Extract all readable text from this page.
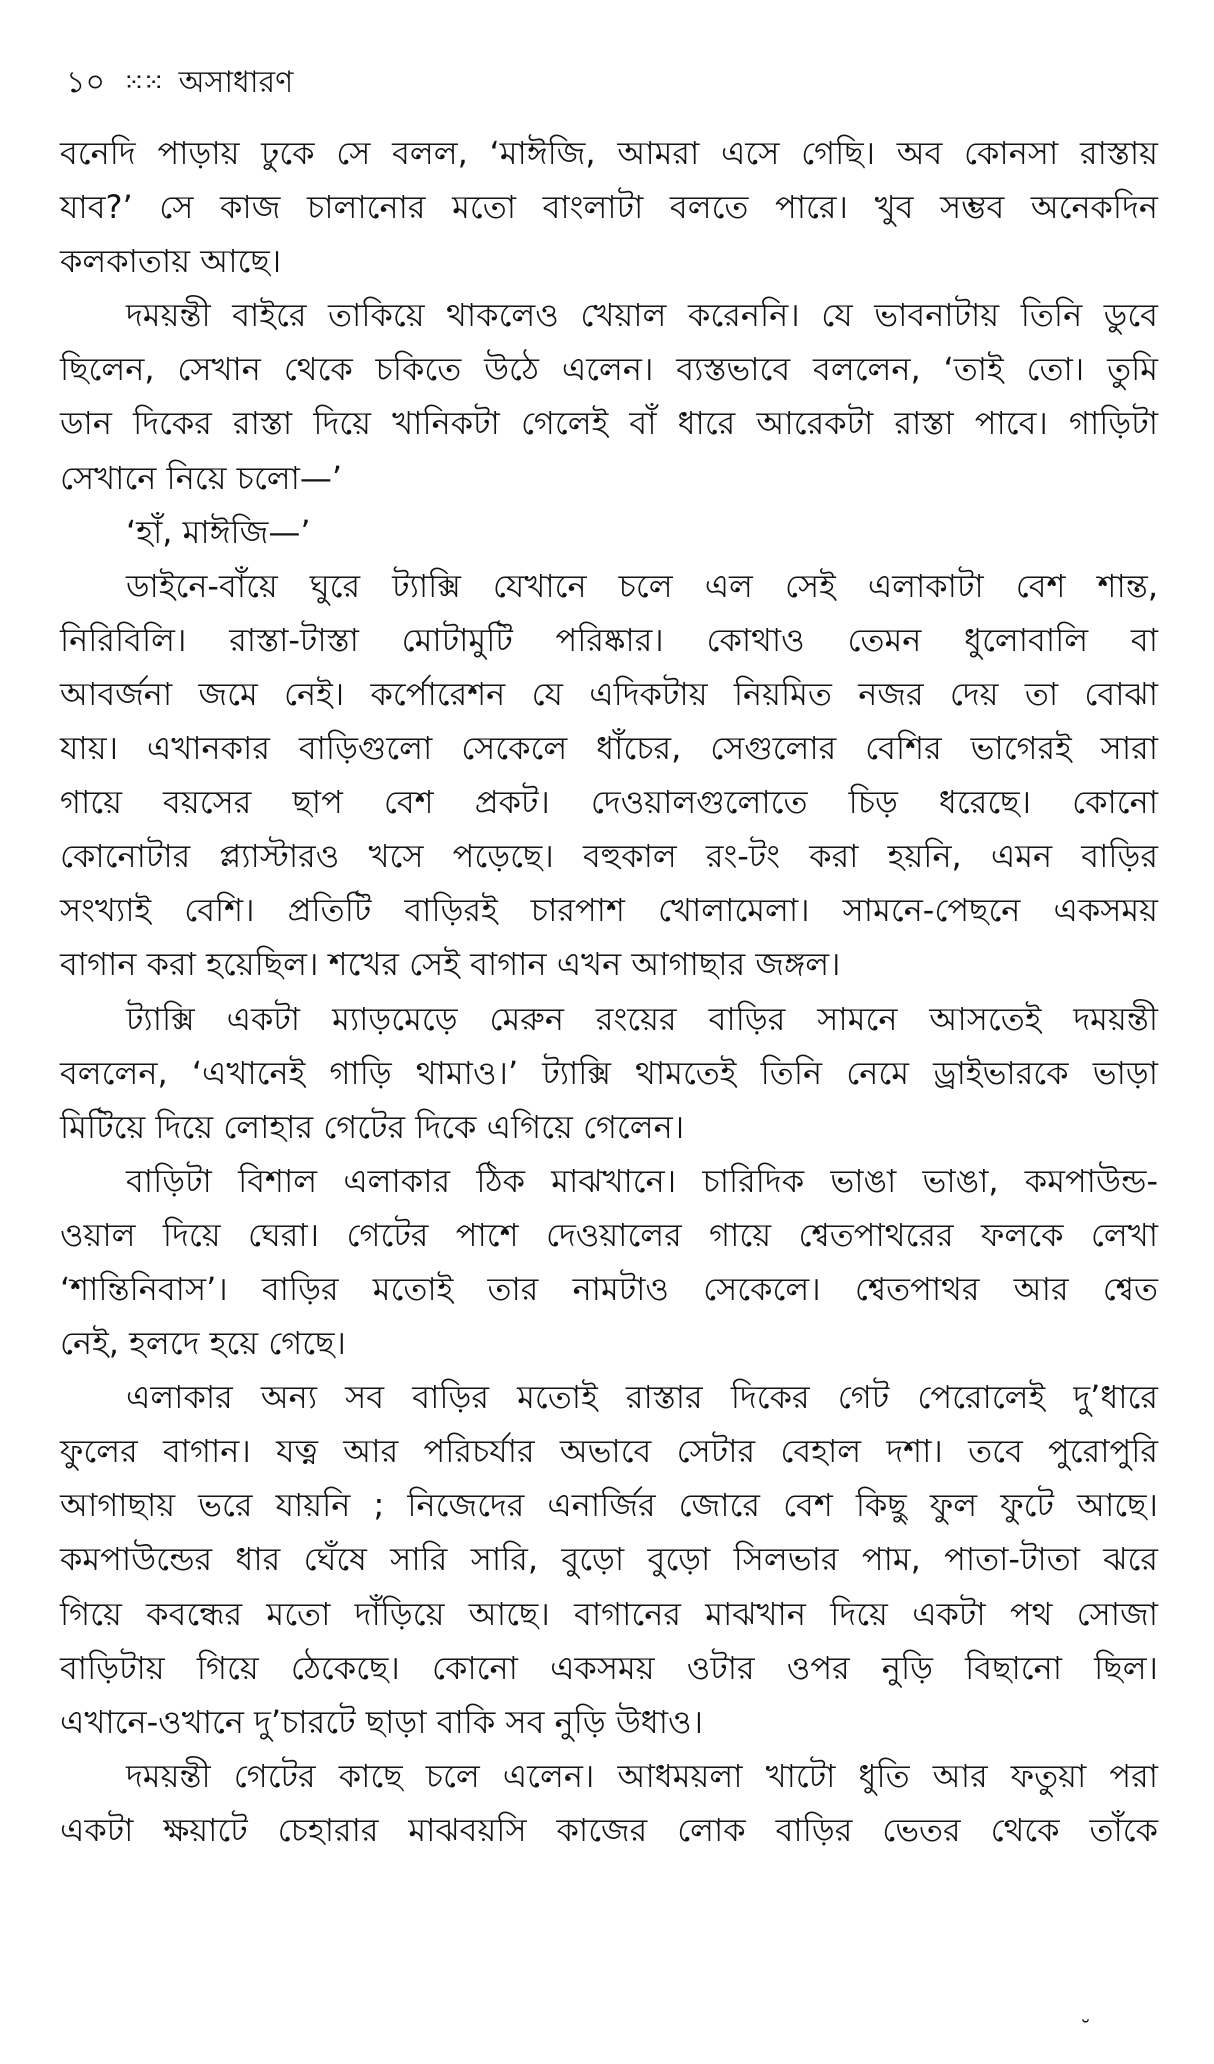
১০ ⁙⁙ অসাধারণ
বনেদি পাড়ায় ঢুকে সে বলল, ‘মাঈজি, আমরা এসে গেছি। অব কোনসা রাস্তায়
যাব?’ সে কাজ চালানোর মতো বাংলাটা বলতে পারে। খুব সম্ভব অনেকদিন
কলকাতায় আছে।
দময়ন্তী বাইরে তাকিয়ে থাকলেও খেয়াল করেননি। যে ভাবনাটায় তিনি ডুবে
ছিলেন, সেখান থেকে চকিতে উঠে এলেন। ব্যস্তভাবে বললেন, ‘তাই তো। তুমি
ডান দিকের রাস্তা দিয়ে খানিকটা গেলেই বাঁ ধারে আরেকটা রাস্তা পাবে। গাড়িটা
সেখানে নিয়ে চলো—’
‘হাঁ, মাঈজি—’
ডাইনে-বাঁয়ে ঘুরে ট্যাক্সি যেখানে চলে এল সেই এলাকাটা বেশ শান্ত,
নিরিবিলি। রাস্তা-টাস্তা মোটামুটি পরিষ্কার। কোথাও তেমন ধুলোবালি বা
আবর্জনা জমে নেই। কর্পোরেশন যে এদিকটায় নিয়মিত নজর দেয় তা বোঝা
যায়। এখানকার বাড়িগুলো সেকেলে ধাঁচের, সেগুলোর বেশির ভাগেরই সারা
গায়ে বয়সের ছাপ বেশ প্রকট। দেওয়ালগুলোতে চিড় ধরেছে। কোনো
কোনোটার প্ল্যাস্টারও খসে পড়েছে। বহুকাল রং-টং করা হয়নি, এমন বাড়ির
সংখ্যাই বেশি। প্রতিটি বাড়িরই চারপাশ খোলামেলা। সামনে-পেছনে একসময়
বাগান করা হয়েছিল। শখের সেই বাগান এখন আগাছার জঙ্গল।
ট্যাক্সি একটা ম্যাড়মেড়ে মেরুন রংয়ের বাড়ির সামনে আসতেই দময়ন্তী
বললেন, ‘এখানেই গাড়ি থামাও।’ ট্যাক্সি থামতেই তিনি নেমে ড্রাইভারকে ভাড়া
মিটিয়ে দিয়ে লোহার গেটের দিকে এগিয়ে গেলেন।
বাড়িটা বিশাল এলাকার ঠিক মাঝখানে। চারিদিক ভাঙা ভাঙা, কমপাউন্ড-
ওয়াল দিয়ে ঘেরা। গেটের পাশে দেওয়ালের গায়ে শ্বেতপাথরের ফলকে লেখা
‘শান্তিনিবাস’। বাড়ির মতোই তার নামটাও সেকেলে। শ্বেতপাথর আর শ্বেত
নেই, হলদে হয়ে গেছে।
এলাকার অন্য সব বাড়ির মতোই রাস্তার দিকের গেট পেরোলেই দু’ধারে
ফুলের বাগান। যত্ন আর পরিচর্যার অভাবে সেটার বেহাল দশা। তবে পুরোপুরি
আগাছায় ভরে যায়নি ; নিজেদের এনার্জির জোরে বেশ কিছু ফুল ফুটে আছে।
কমপাউন্ডের ধার ঘেঁষে সারি সারি, বুড়ো বুড়ো সিলভার পাম, পাতা-টাতা ঝরে
গিয়ে কবন্ধের মতো দাঁড়িয়ে আছে। বাগানের মাঝখান দিয়ে একটা পথ সোজা
বাড়িটায় গিয়ে ঠেকেছে। কোনো একসময় ওটার ওপর নুড়ি বিছানো ছিল।
এখানে-ওখানে দু’চারটে ছাড়া বাকি সব নুড়ি উধাও।
দময়ন্তী গেটের কাছে চলে এলেন। আধময়লা খাটো ধুতি আর ফতুয়া পরা
একটা ক্ষয়াটে চেহারার মাঝবয়সি কাজের লোক বাড়ির ভেতর থেকে তাঁকে
˘
